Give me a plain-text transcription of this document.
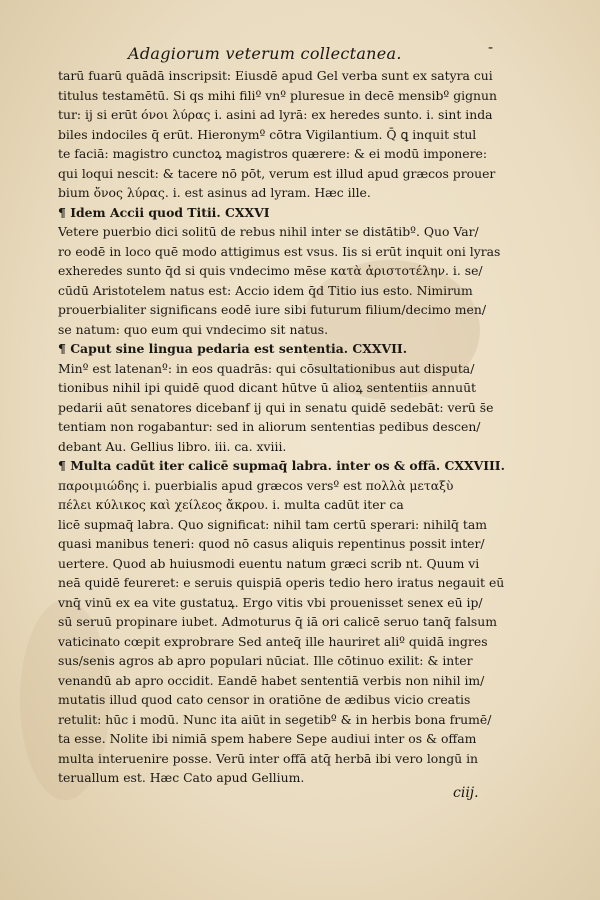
Adagiorum veterum collectanea.	-
tarū fuarū quādā inscripsit: Eiusdē apud Gel verba sunt ex satyra cui
titulus testamētū. Si qs mihi filiº vnº pluresue in decē mensibº gignun
tur: ij si erūt όνοι λύρας i. asini ad lyrā: ex heredes sunto. i. sint inda
biles indociles q̄ erūt. Hieronymº cōtra Vigilantium. Q̄ ꝗ inquit stul
te faciā: magistro cunctoꝝ magistros quærere: & ei modū imponere:
qui loqui nescit: & tacere nō pōt, verum est illud apud græcos prouer
bium ὄνος λύρας. i. est asinus ad lyram. Hæc ille.
¶ Idem Accii quod Titii. CXXVI
Vetere puerbio dici solitū de rebus nihil inter se distātibº. Quo Var/
ro eodē in loco quē modo attigimus est vsus. Iis si erūt inquit oni lyras
exheredes sunto q̄d si quis vndecimo mēse κατὰ ἀριστοτέλην. i. se/
cūdū Aristotelem natus est: Accio idem q̄d Titio ius esto. Nimirum
prouerbialiter significans eodē iure sibi futurum filium/decimo men/
se natum: quo eum qui vndecimo sit natus.
¶ Caput sine lingua pedaria est sententia. CXXVII.
Minº est latenanº: in eos quadrās: qui cōsultationibus aut disputa/
tionibus nihil ipi quidē quod dicant hūtve ū alioꝝ sententiis annuūt
pedarii aūt senatores dicebanf ij qui in senatu quidē sedebāt: verū s̄e
tentiam non rogabantur: sed in aliorum sententias pedibus descen/
debant Au. Gellius libro. iii. ca. xviii.
¶ Multa cadūt iter calicē supmaq̄ labra. inter os & offā. CXXVIII.
παροιμιώδης i. puerbialis apud græcos versº est πολλὰ μεταξὺ
πέλει κύλικος καὶ χείλεος ἄκρου. i. multa cadūt iter ca
licē supmaq̄ labra. Quo significat: nihil tam certū sperari: nihilq̄ tam
quasi manibus teneri: quod nō casus aliquis repentinus possit inter/
uertere. Quod ab huiusmodi euentu natum græci scrib nt. Quum vi
neā quidē feureret: e seruis quispiā operis tedio hero iratus negauit eū
vnq̄ vinū ex ea vite gustatuꝝ. Ergo vitis vbi prouenisset senex eū ip/
sū seruū propinare iubet. Admoturus q̄ iā ori calicē seruo tanq̄ falsum
vaticinato cœpit exprobrare Sed anteq̄ ille hauriret aliº quidā ingres
sus/senis agros ab apro populari nūciat. Ille cōtinuo exilit: & inter
venandū ab apro occidit. Eandē habet sententiā verbis non nihil im/
mutatis illud quod cato censor in oratiōne de ædibus vicio creatis
retulit: hūc i modū. Nunc ita aiūt in segetibº & in herbis bona frumē/
ta esse. Nolite ibi nimiā spem habere Sepe audiui inter os & offam
multa interuenire posse. Verū inter offā atq̄ herbā ibi vero longū in
teruallum est. Hæc Cato apud Gellium.
ciij.
